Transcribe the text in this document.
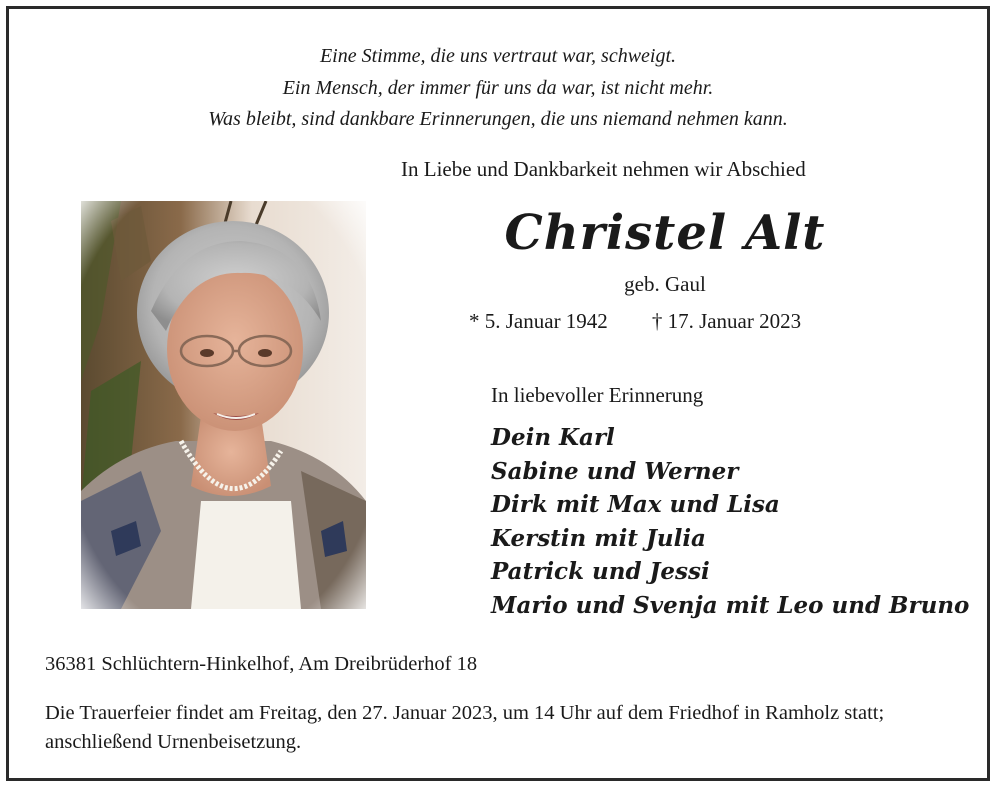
Eine Stimme, die uns vertraut war, schweigt.
Ein Mensch, der immer für uns da war, ist nicht mehr.
Was bleibt, sind dankbare Erinnerungen, die uns niemand nehmen kann.
In Liebe und Dankbarkeit nehmen wir Abschied
Christel Alt
geb. Gaul
* 5. Januar 1942 † 17. Januar 2023
In liebevoller Erinnerung
Dein Karl
Sabine und Werner
Dirk mit Max und Lisa
Kerstin mit Julia
Patrick und Jessi
Mario und Svenja mit Leo und Bruno
36381 Schlüchtern-Hinkelhof, Am Dreibrüderhof 18
Die Trauerfeier findet am Freitag, den 27. Januar 2023, um 14 Uhr auf dem Friedhof in Ramholz statt; anschließend Urnenbeisetzung.
